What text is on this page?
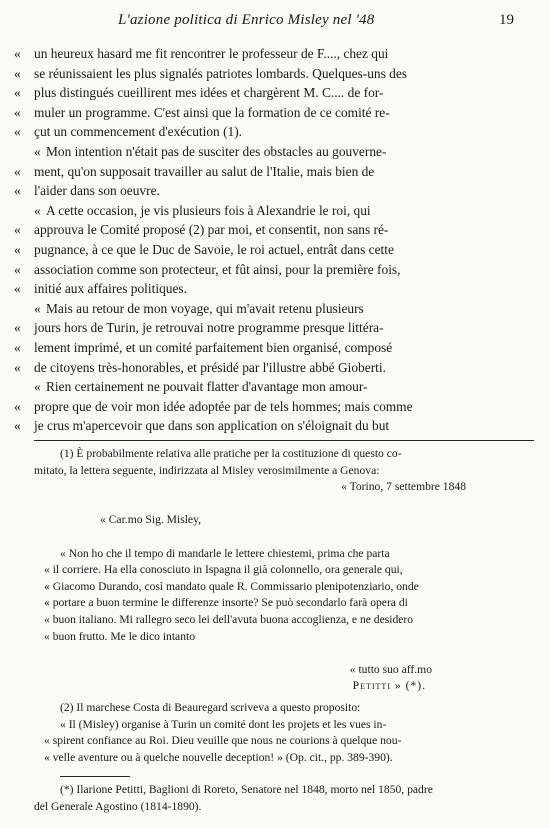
L'azione politica di Enrico Misley nel '48	19
« un heureux hasard me fit rencontrer le professeur de F...., chez qui
« se réunissaient les plus signalés patriotes lombards. Quelques-uns des
« plus distingués cueillirent mes idées et chargèrent M. C.... de for-
« muler un programme. C'est ainsi que la formation de ce comité re-
« çut un commencement d'exécution (1).
« Mon intention n'était pas de susciter des obstacles au gouverne-
« ment, qu'on supposait travailler au salut de l'Italie, mais bien de
« l'aider dans son oeuvre.
« A cette occasion, je vis plusieurs fois à Alexandrie le roi, qui
« approuva le Comité proposé (2) par moi, et consentit, non sans ré-
« pugnance, à ce que le Duc de Savoie, le roi actuel, entrât dans cette
« association comme son protecteur, et fût ainsi, pour la première fois,
« initié aux affaires politiques.
« Mais au retour de mon voyage, qui m'avait retenu plusieurs
« jours hors de Turin, je retrouvai notre programme presque littéra-
« lement imprimé, et un comité parfaitement bien organisé, composé
« de citoyens très-honorables, et présidé par l'illustre abbé Gioberti.
« Rien certainement ne pouvait flatter d'avantage mon amour-
« propre que de voir mon idée adoptée par de tels hommes; mais comme
« je crus m'apercevoir que dans son application on s'éloignait du but
(1) È probabilmente relativa alle pratiche per la costituzione di questo co-
mitato, la lettera seguente, indirizzata al Misley verosimilmente a Genova:
« Torino, 7 settembre 1848
« Car.mo Sig. Misley,
« Non ho che il tempo di mandarle le lettere chiestemi, prima che parta
« il corriere. Ha ella conosciuto in Ispagna il già colonnello, ora generale qui,
« Giacomo Durando, così mandato quale R. Commissario plenipotenziario, onde
« portare a buon termine le differenze insorte? Se può secondarlo farà opera di
« buon italiano. Mi rallegro seco lei dell'avuta buona accoglienza, e ne desidero
« buon frutto. Me le dico intanto
« tutto suo aff.mo
Petitti » (*).
(2) Il marchese Costa di Beauregard scriveva a questo proposito:
« Il (Misley) organise à Turin un comité dont les projets et les vues in-
« spirent confiance au Roi. Dieu veuille que nous ne courions à quelque nou-
« velle aventure ou à quelche nouvelle deception! » (Op. cit., pp. 389-390).
(*) Ilarione Petitti, Baglioni di Roreto, Senatore nel 1848, morto nel 1850, padre
del Generale Agostino (1814-1890).
